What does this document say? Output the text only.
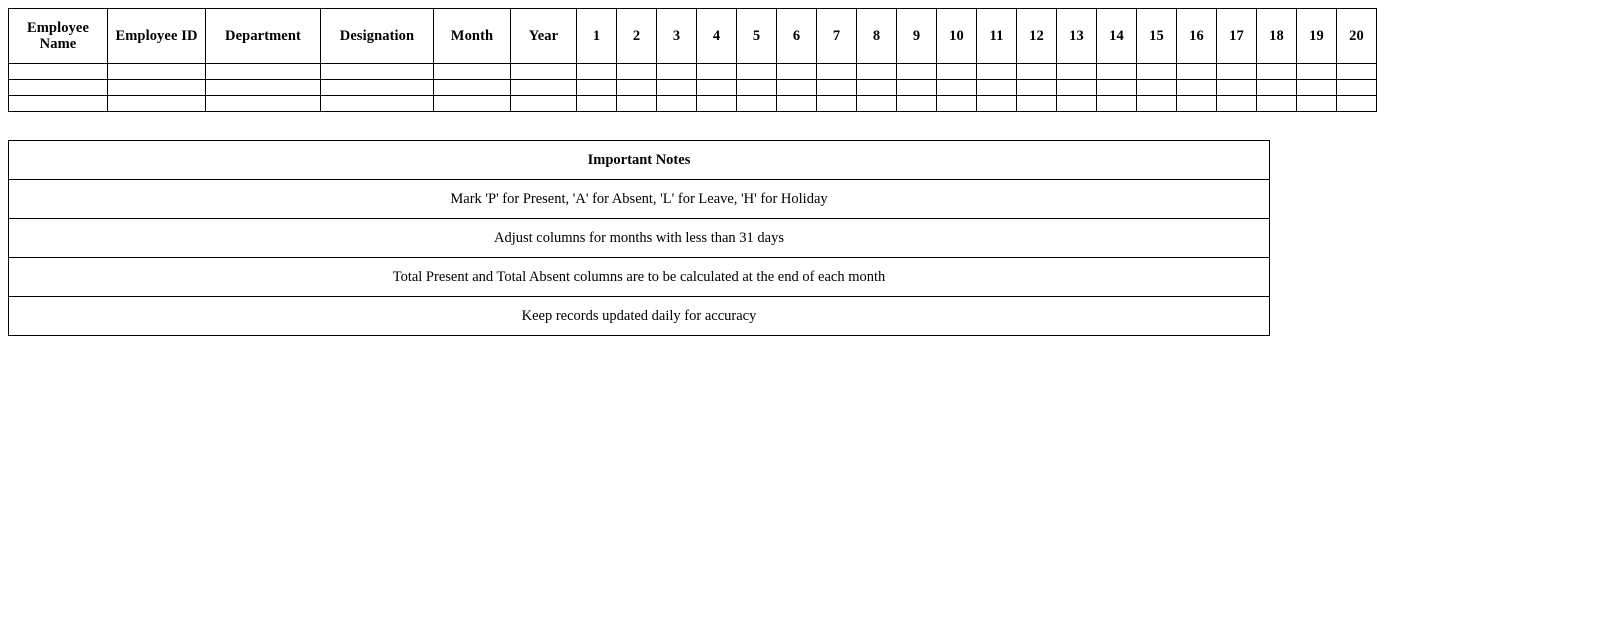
Employee Name	Employee ID	Department	Designation	Month	Year	1	2	3	4	5	6	7	8	9	10	11	12	13	14	15	16	17	18	19	20

Important Notes
Mark 'P' for Present, 'A' for Absent, 'L' for Leave, 'H' for Holiday
Adjust columns for months with less than 31 days
Total Present and Total Absent columns are to be calculated at the end of each month
Keep records updated daily for accuracy
